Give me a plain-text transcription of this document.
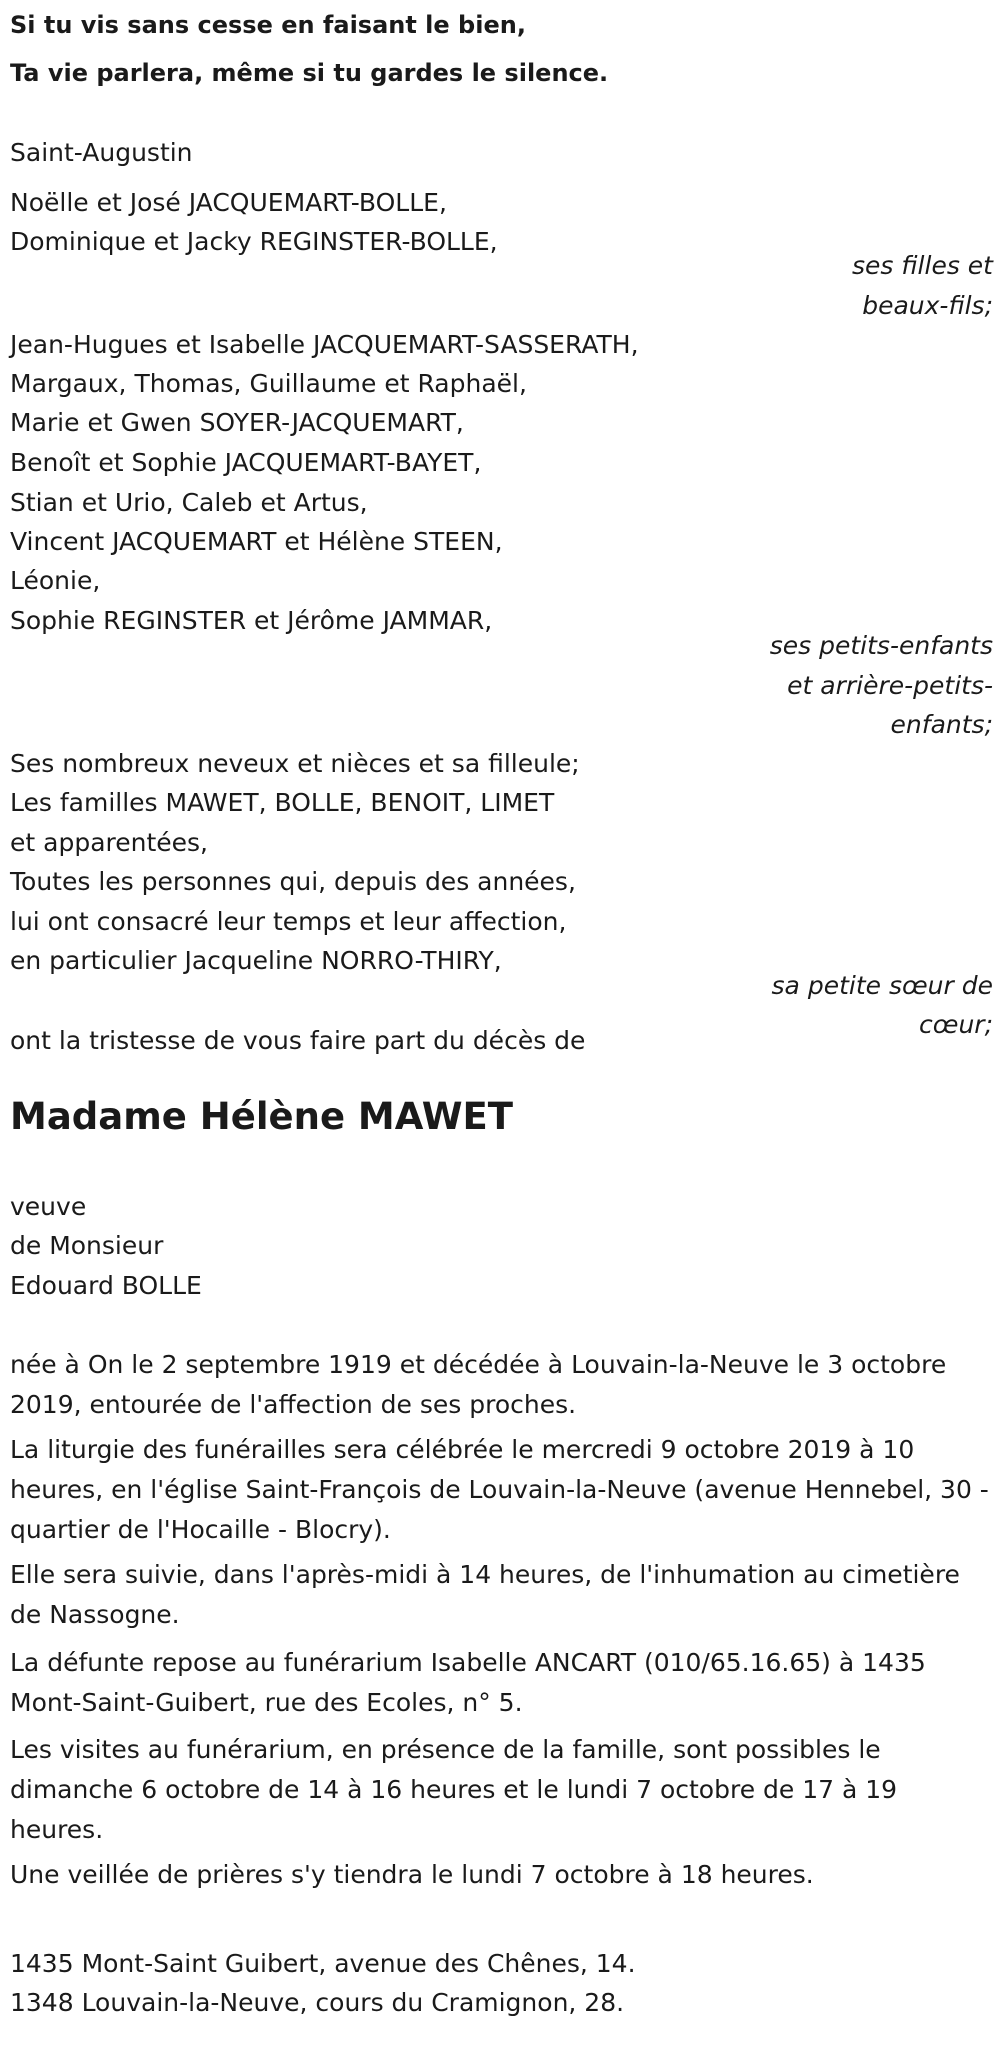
Si tu vis sans cesse en faisant le bien,
Ta vie parlera, même si tu gardes le silence.
Saint-Augustin
Noëlle et José JACQUEMART-BOLLE,
Dominique et Jacky REGINSTER-BOLLE,
ses filles et
beaux-fils;
Jean-Hugues et Isabelle JACQUEMART-SASSERATH,
Margaux, Thomas, Guillaume et Raphaël,
Marie et Gwen SOYER-JACQUEMART,
Benoît et Sophie JACQUEMART-BAYET,
Stian et Urio, Caleb et Artus,
Vincent JACQUEMART et Hélène STEEN,
Léonie,
Sophie REGINSTER et Jérôme JAMMAR,
ses petits-enfants
et arrière-petits-
enfants;
Ses nombreux neveux et nièces et sa filleule;
Les familles MAWET, BOLLE, BENOIT, LIMET
et apparentées,
Toutes les personnes qui, depuis des années,
lui ont consacré leur temps et leur affection,
en particulier Jacqueline NORRO-THIRY,
sa petite sœur de
cœur;
ont la tristesse de vous faire part du décès de
Madame Hélène MAWET
veuve
de Monsieur
Edouard BOLLE
née à On le 2 septembre 1919 et décédée à Louvain-la-Neuve le 3 octobre 2019, entourée de l'affection de ses proches.
La liturgie des funérailles sera célébrée le mercredi 9 octobre 2019 à 10 heures, en l'église Saint-François de Louvain-la-Neuve (avenue Hennebel, 30 - quartier de l'Hocaille - Blocry).
Elle sera suivie, dans l'après-midi à 14 heures, de l'inhumation au cimetière de Nassogne.
La défunte repose au funérarium Isabelle ANCART (010/65.16.65) à 1435 Mont-Saint-Guibert, rue des Ecoles, n° 5.
Les visites au funérarium, en présence de la famille, sont possibles le dimanche 6 octobre de 14 à 16 heures et le lundi 7 octobre de 17 à 19 heures.
Une veillée de prières s'y tiendra le lundi 7 octobre à 18 heures.
1435 Mont-Saint Guibert, avenue des Chênes, 14.
1348 Louvain-la-Neuve, cours du Cramignon, 28.
